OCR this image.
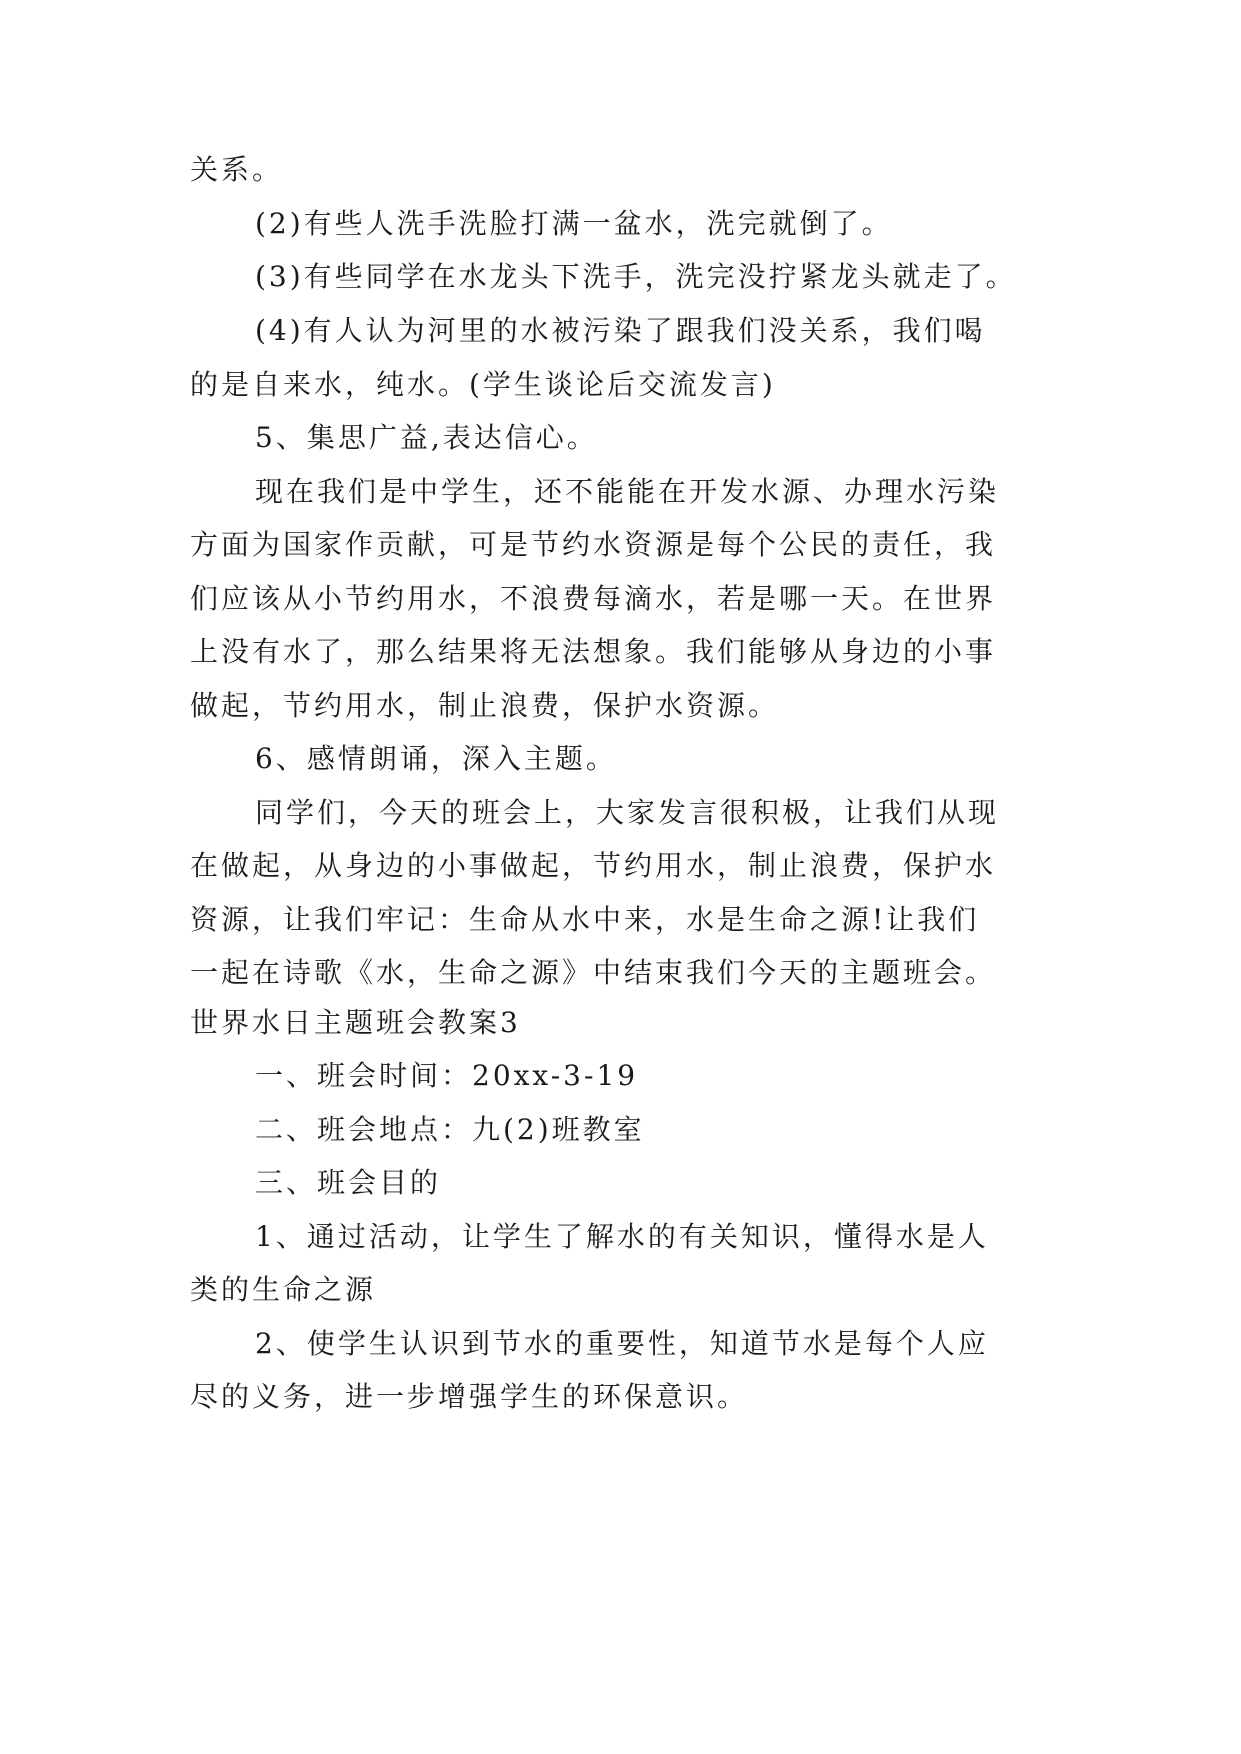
关系。
(2)有些人洗手洗脸打满一盆水，洗完就倒了。
(3)有些同学在水龙头下洗手，洗完没拧紧龙头就走了。
(4)有人认为河里的水被污染了跟我们没关系，我们喝
的是自来水，纯水。(学生谈论后交流发言)
5、集思广益,表达信心。
现在我们是中学生，还不能能在开发水源、办理水污染
方面为国家作贡献，可是节约水资源是每个公民的责任，我
们应该从小节约用水，不浪费每滴水，若是哪一天。在世界
上没有水了，那么结果将无法想象。我们能够从身边的小事
做起，节约用水，制止浪费，保护水资源。
6、感情朗诵，深入主题。
同学们，今天的班会上，大家发言很积极，让我们从现
在做起，从身边的小事做起，节约用水，制止浪费，保护水
资源，让我们牢记：生命从水中来，水是生命之源!让我们
一起在诗歌《水，生命之源》中结束我们今天的主题班会。
世界水日主题班会教案3
一、班会时间：20xx-3-19
二、班会地点：九(2)班教室
三、班会目的
1、通过活动，让学生了解水的有关知识，懂得水是人
类的生命之源
2、使学生认识到节水的重要性，知道节水是每个人应
尽的义务，进一步增强学生的环保意识。
